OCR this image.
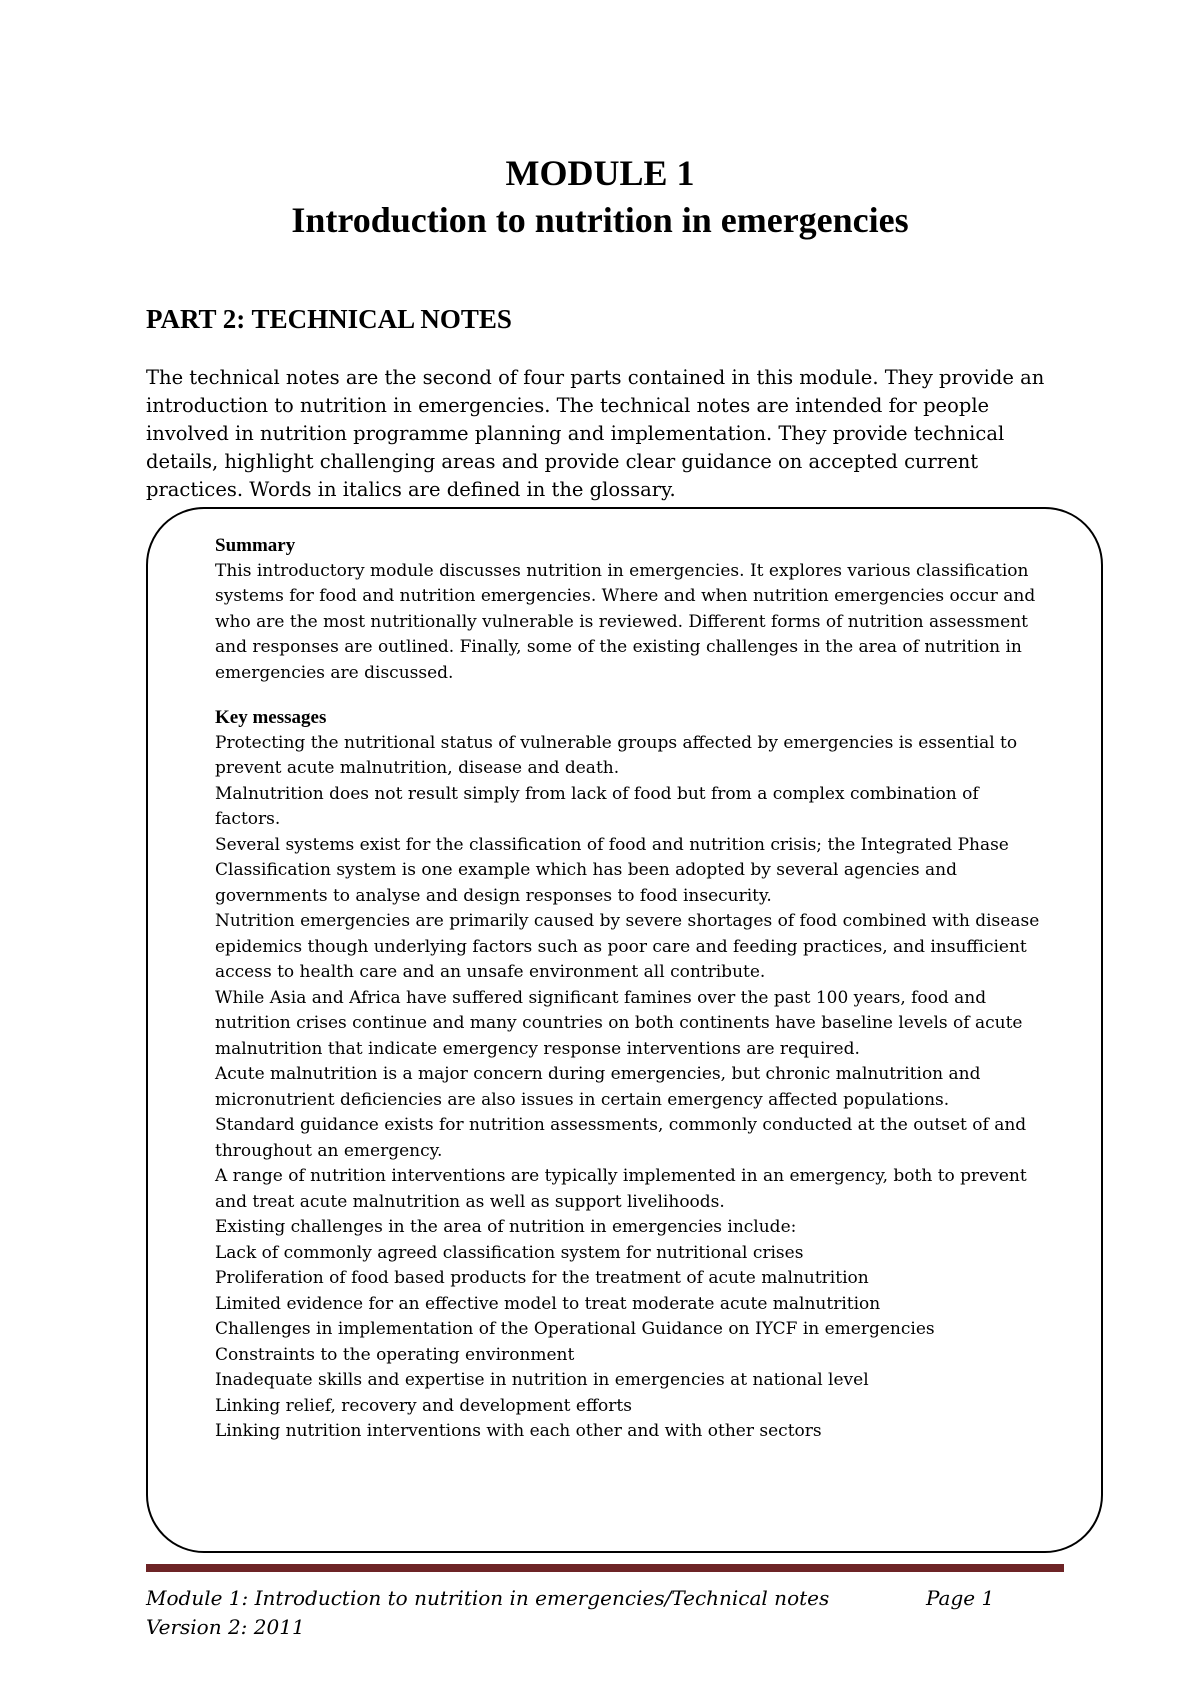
MODULE 1
Introduction to nutrition in emergencies
PART 2: TECHNICAL NOTES

The technical notes are the second of four parts contained in this module. They provide an introduction to nutrition in emergencies. The technical notes are intended for people involved in nutrition programme planning and implementation. They provide technical details, highlight challenging areas and provide clear guidance on accepted current practices. Words in italics are defined in the glossary.

Summary
This introductory module discusses nutrition in emergencies. It explores various classification
systems for food and nutrition emergencies. Where and when nutrition emergencies occur and
who are the most nutritionally vulnerable is reviewed. Different forms of nutrition assessment
and responses are outlined. Finally, some of the existing challenges in the area of nutrition in
emergencies are discussed.
Key messages
Protecting the nutritional status of vulnerable groups affected by emergencies is essential to
prevent acute malnutrition, disease and death.
Malnutrition does not result simply from lack of food but from a complex combination of
factors.
Several systems exist for the classification of food and nutrition crisis; the Integrated Phase
Classification system is one example which has been adopted by several agencies and
governments to analyse and design responses to food insecurity.
Nutrition emergencies are primarily caused by severe shortages of food combined with disease
epidemics though underlying factors such as poor care and feeding practices, and insufficient
access to health care and an unsafe environment all contribute.
While Asia and Africa have suffered significant famines over the past 100 years, food and
nutrition crises continue and many countries on both continents have baseline levels of acute
malnutrition that indicate emergency response interventions are required.
Acute malnutrition is a major concern during emergencies, but chronic malnutrition and
micronutrient deficiencies are also issues in certain emergency affected populations.
Standard guidance exists for nutrition assessments, commonly conducted at the outset of and
throughout an emergency.
A range of nutrition interventions are typically implemented in an emergency, both to prevent
and treat acute malnutrition as well as support livelihoods.
Existing challenges in the area of nutrition in emergencies include:
Lack of commonly agreed classification system for nutritional crises
Proliferation of food based products for the treatment of acute malnutrition
Limited evidence for an effective model to treat moderate acute malnutrition
Challenges in implementation of the Operational Guidance on IYCF in emergencies
Constraints to the operating environment
Inadequate skills and expertise in nutrition in emergencies at national level
Linking relief, recovery and development efforts
Linking nutrition interventions with each other and with other sectors
Module 1: Introduction to nutrition in emergencies/Technical notes	Page 1
Version 2: 2011
